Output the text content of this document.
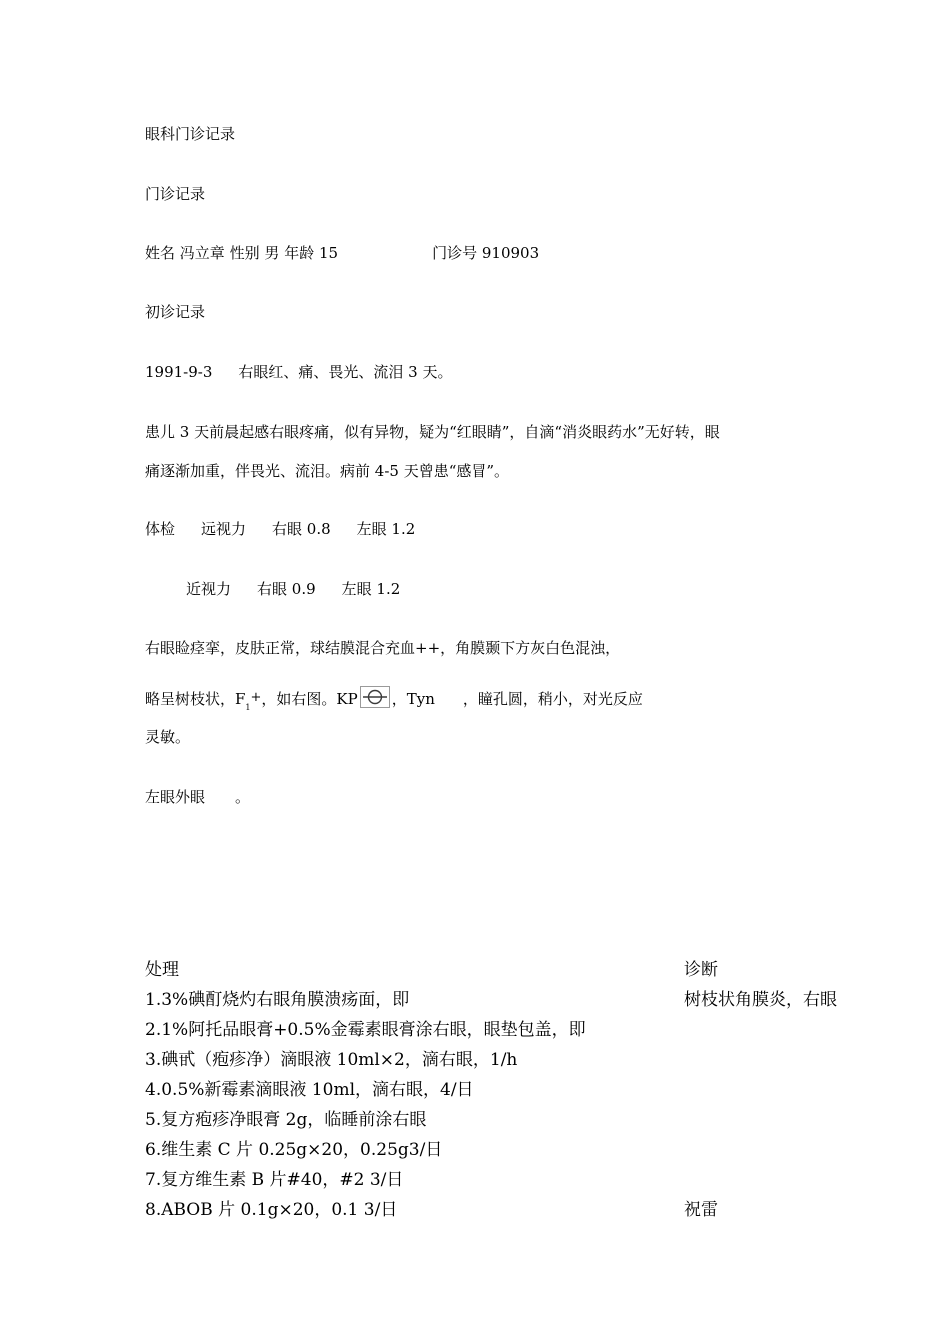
眼科门诊记录

门诊记录

姓名 冯立章 性别 男 年龄 15	门诊号 910903

初诊记录

1991-9-3 右眼红、痛、畏光、流泪 3 天。

患儿 3 天前晨起感右眼疼痛，似有异物，疑为“红眼睛”，自滴“消炎眼药水”无好转，眼

痛逐渐加重，伴畏光、流泪。病前 4-5 天曾患“感冒”。

体检 远视力 右眼 0.8 左眼 1.2

近视力 右眼 0.9 左眼 1.2

右眼睑痉挛，皮肤正常，球结膜混合充血++，角膜颞下方灰白色混浊，

略呈树枝状，$F_1+$，如右图。KP ，Tyn ，瞳孔圆，稍小，对光反应

灵敏。

左眼外眼 。

处理

1.3%碘酊烧灼右眼角膜溃疡面，即

2.1%阿托品眼膏+0.5%金霉素眼膏涂右眼，眼垫包盖，即

3.碘甙（疱疹净）滴眼液 10ml×2，滴右眼，1/h

4.0.5%新霉素滴眼液 10ml，滴右眼，4/日

5.复方疱疹净眼膏 2g，临睡前涂右眼

6.维生素 C 片 0.25g×20，0.25g3/日

7.复方维生素 B 片#40，#2 3/日

8.ABOB 片 0.1g×20，0.1 3/日

诊断

树枝状角膜炎，右眼

祝雷
